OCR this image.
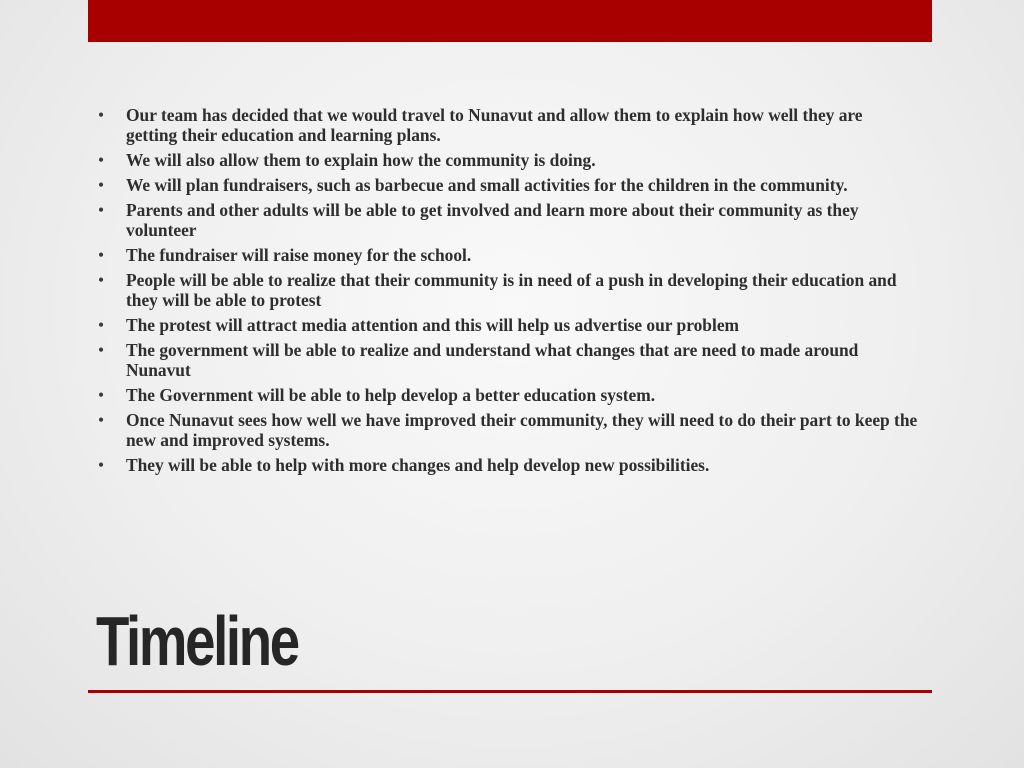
• Our team has decided that we would travel to Nunavut and allow them to explain how well they are getting their education and learning plans.
• We will also allow them to explain how the community is doing.
• We will plan fundraisers, such as barbecue and small activities for the children in the community.
• Parents and other adults will be able to get involved and learn more about their community as they volunteer
• The fundraiser will raise money for the school.
• People will be able to realize that their community is in need of a push in developing their education and they will be able to protest
• The protest will attract media attention and this will help us advertise our problem
• The government will be able to realize and understand what changes that are need to made around Nunavut
• The Government will be able to help develop a better education system.
• Once Nunavut sees how well we have improved their community, they will need to do their part to keep the new and improved systems.
• They will be able to help with more changes and help develop new possibilities.
Timeline
